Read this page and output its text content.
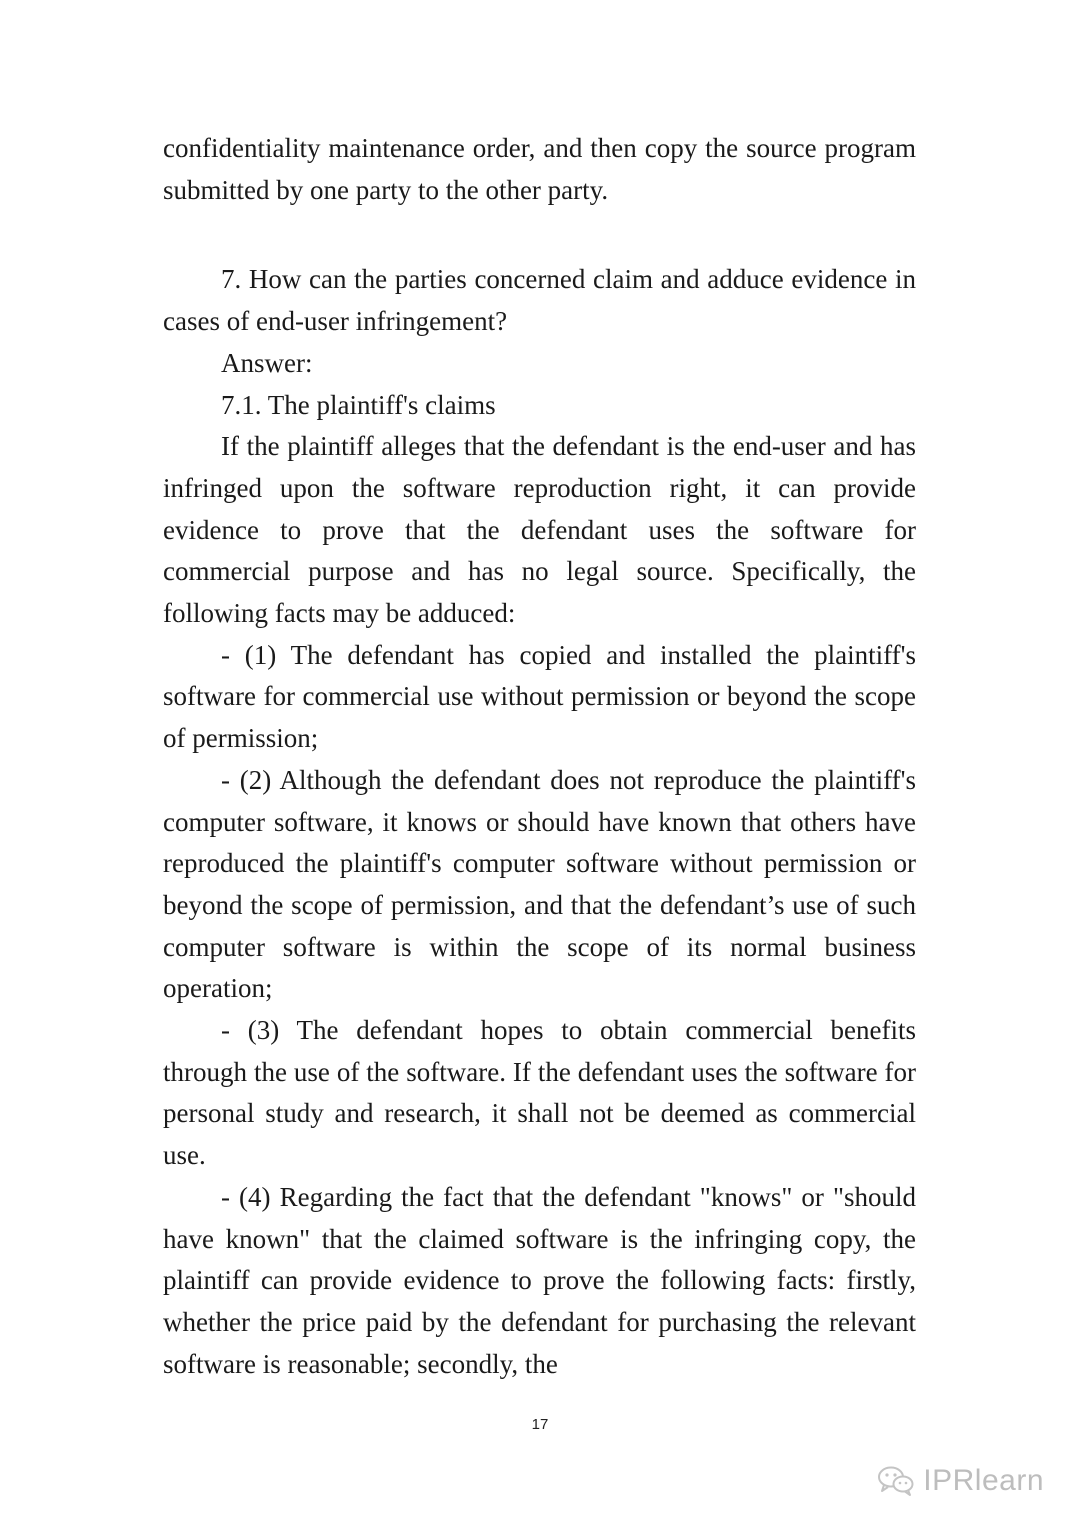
confidentiality maintenance order, and then copy the source program submitted by one party to the other party.

7. How can the parties concerned claim and adduce evidence in cases of end-user infringement?

Answer:

7.1. The plaintiff's claims

If the plaintiff alleges that the defendant is the end-user and has infringed upon the software reproduction right, it can provide evidence to prove that the defendant uses the software for commercial purpose and has no legal source. Specifically, the following facts may be adduced:

- (1) The defendant has copied and installed the plaintiff's software for commercial use without permission or beyond the scope of permission;

- (2) Although the defendant does not reproduce the plaintiff's computer software, it knows or should have known that others have reproduced the plaintiff's computer software without permission or beyond the scope of permission, and that the defendant’s use of such computer software is within the scope of its normal business operation;

- (3) The defendant hopes to obtain commercial benefits through the use of the software. If the defendant uses the software for personal study and research, it shall not be deemed as commercial use.

- (4) Regarding the fact that the defendant "knows" or "should have known" that the claimed software is the infringing copy, the plaintiff can provide evidence to prove the following facts: firstly, whether the price paid by the defendant for purchasing the relevant software is reasonable; secondly, the

17
IPRlearn
